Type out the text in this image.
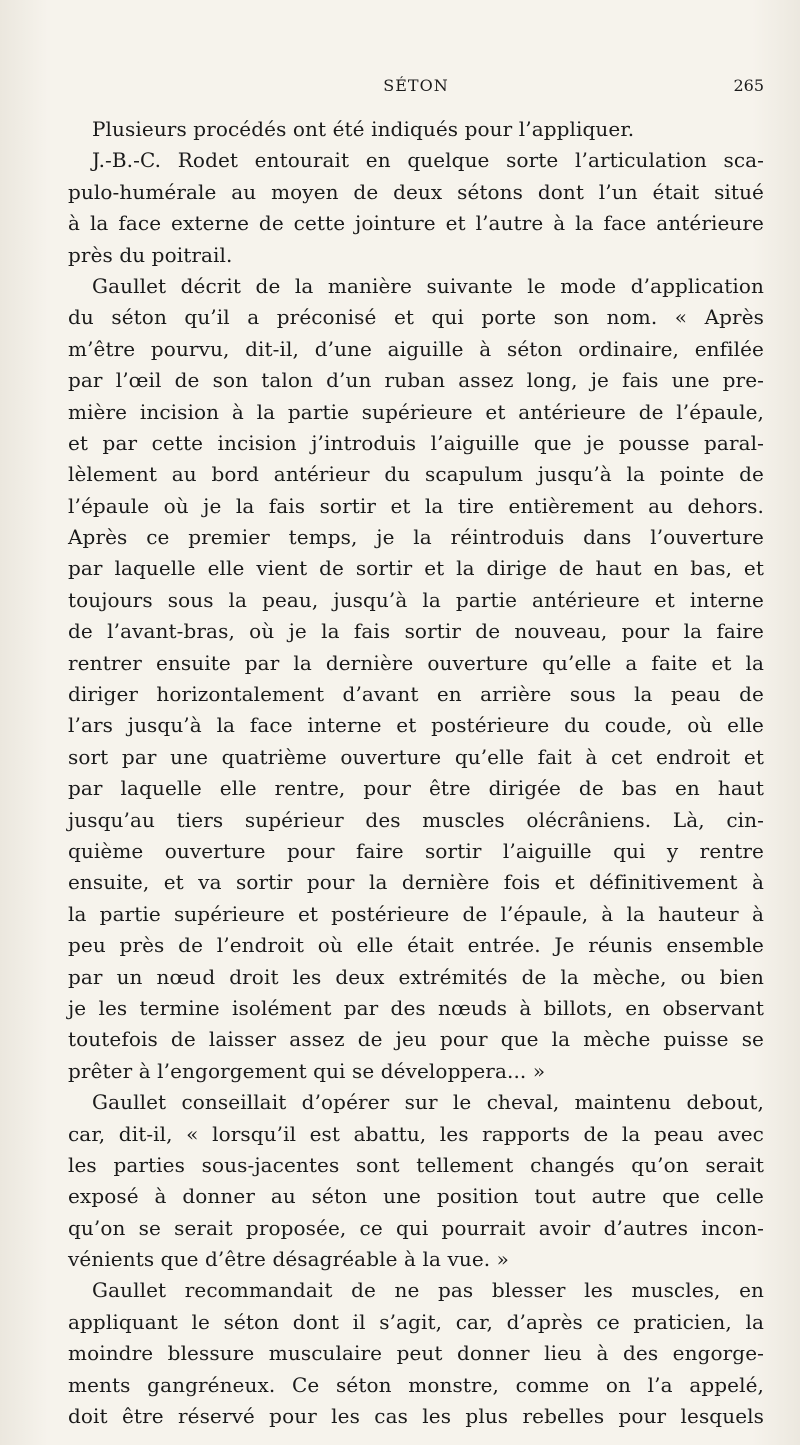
SÉTON	265
Plusieurs procédés ont été indiqués pour l’appliquer.
J.-B.-C. Rodet entourait en quelque sorte l’articulation sca-
pulo-humérale au moyen de deux sétons dont l’un était situé
à la face externe de cette jointure et l’autre à la face antérieure
près du poitrail.
Gaullet décrit de la manière suivante le mode d’application
du séton qu’il a préconisé et qui porte son nom. « Après
m’être pourvu, dit-il, d’une aiguille à séton ordinaire, enfilée
par l’œil de son talon d’un ruban assez long, je fais une pre-
mière incision à la partie supérieure et antérieure de l’épaule,
et par cette incision j’introduis l’aiguille que je pousse paral-
lèlement au bord antérieur du scapulum jusqu’à la pointe de
l’épaule où je la fais sortir et la tire entièrement au dehors.
Après ce premier temps, je la réintroduis dans l’ouverture
par laquelle elle vient de sortir et la dirige de haut en bas, et
toujours sous la peau, jusqu’à la partie antérieure et interne
de l’avant-bras, où je la fais sortir de nouveau, pour la faire
rentrer ensuite par la dernière ouverture qu’elle a faite et la
diriger horizontalement d’avant en arrière sous la peau de
l’ars jusqu’à la face interne et postérieure du coude, où elle
sort par une quatrième ouverture qu’elle fait à cet endroit et
par laquelle elle rentre, pour être dirigée de bas en haut
jusqu’au tiers supérieur des muscles olécrâniens. Là, cin-
quième ouverture pour faire sortir l’aiguille qui y rentre
ensuite, et va sortir pour la dernière fois et définitivement à
la partie supérieure et postérieure de l’épaule, à la hauteur à
peu près de l’endroit où elle était entrée. Je réunis ensemble
par un nœud droit les deux extrémités de la mèche, ou bien
je les termine isolément par des nœuds à billots, en observant
toutefois de laisser assez de jeu pour que la mèche puisse se
prêter à l’engorgement qui se développera... »
Gaullet conseillait d’opérer sur le cheval, maintenu debout,
car, dit-il, « lorsqu’il est abattu, les rapports de la peau avec
les parties sous-jacentes sont tellement changés qu’on serait
exposé à donner au séton une position tout autre que celle
qu’on se serait proposée, ce qui pourrait avoir d’autres incon-
vénients que d’être désagréable à la vue. »
Gaullet recommandait de ne pas blesser les muscles, en
appliquant le séton dont il s’agit, car, d’après ce praticien, la
moindre blessure musculaire peut donner lieu à des engorge-
ments gangréneux. Ce séton monstre, comme on l’a appelé,
doit être réservé pour les cas les plus rebelles pour lesquels
